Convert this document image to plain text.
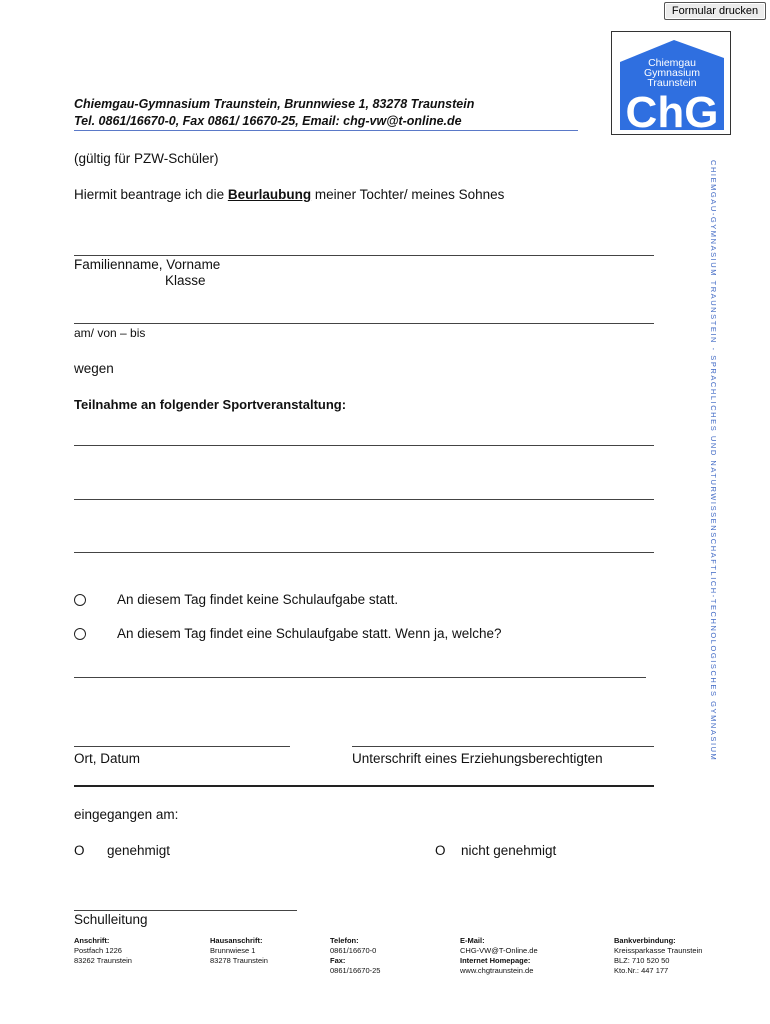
Formular drucken
Chiemgau
Gymnasium
Traunstein
ChG
Chiemgau-Gymnasium Traunstein, Brunnwiese 1, 83278 Traunstein
Tel. 0861/16670-0, Fax 0861/ 16670-25, Email: chg-vw@t-online.de
CHIEMGAU-GYMNASIUM TRAUNSTEIN - SPRACHLICHES UND NATURWISSENSCHAFTLICH-TECHNOLOGISCHES GYMNASIUM
(gültig für PZW-Schüler)
Hiermit beantrage ich die Beurlaubung meiner Tochter/ meines Sohnes
Familienname, Vorname
Klasse
am/ von – bis
wegen
Teilnahme an folgender Sportveranstaltung:
An diesem Tag findet keine Schulaufgabe statt.
An diesem Tag findet eine Schulaufgabe statt. Wenn ja, welche?
Ort, Datum	Unterschrift eines Erziehungsberechtigten
eingegangen am:
O genehmigt	O nicht genehmigt
Schulleitung
Anschrift:
Postfach 1226
83262 Traunstein
Hausanschrift:
Brunnwiese 1
83278 Traunstein
Telefon:
0861/16670-0
Fax:
0861/16670-25
E-Mail:
CHG-VW@T-Online.de
Internet Homepage:
www.chgtraunstein.de
Bankverbindung:
Kreissparkasse Traunstein
BLZ: 710 520 50
Kto.Nr.: 447 177
